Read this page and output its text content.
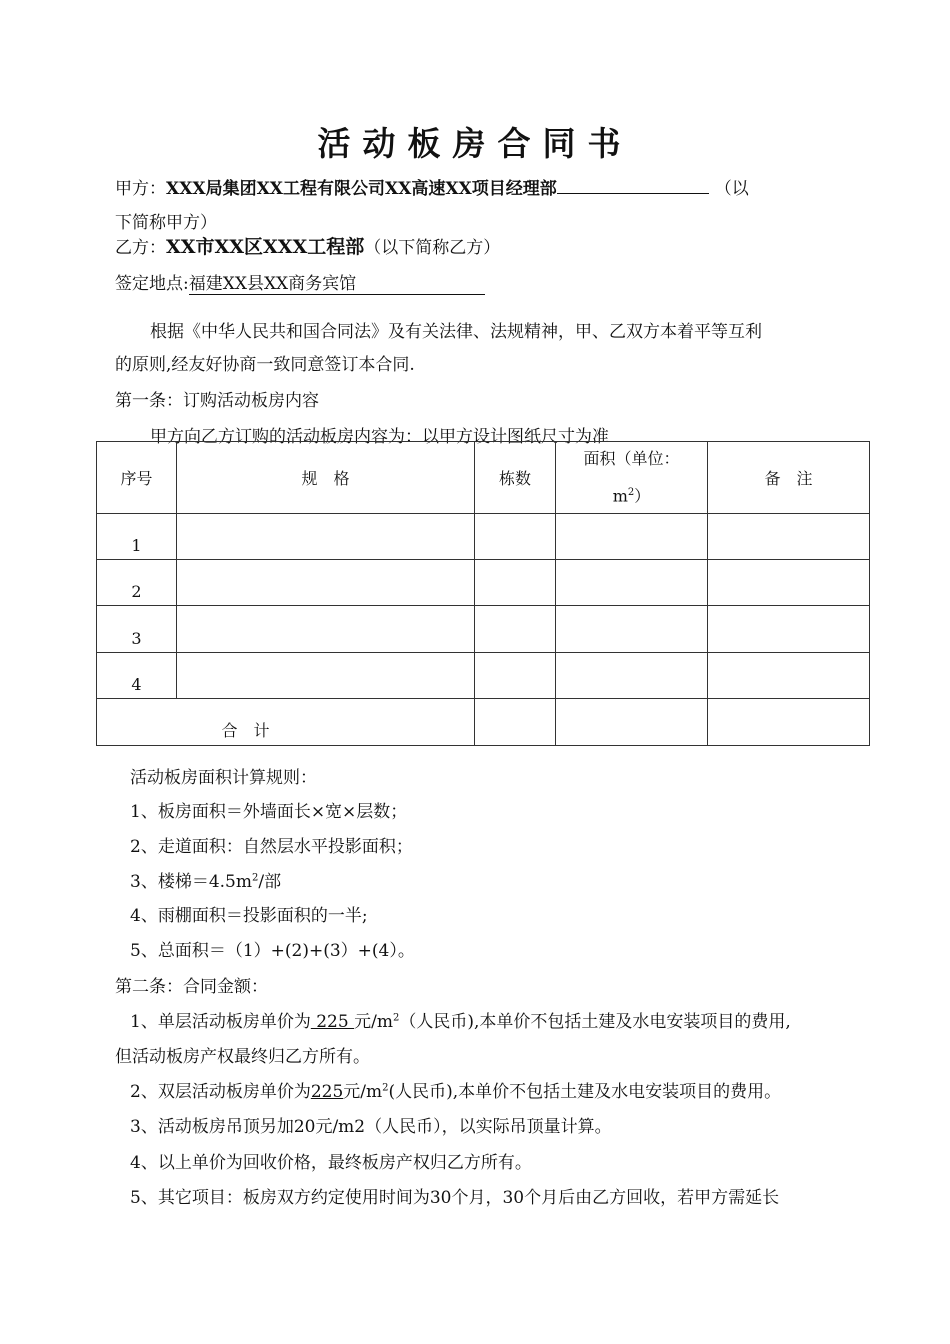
活动板房合同书
甲方：XXX局集团XX工程有限公司XX高速XX项目经理部	（以
下简称甲方）
乙方：XX市XX区XXX工程部（以下简称乙方）
签定地点:福建XX县XX商务宾馆
根据《中华人民共和国合同法》及有关法律、法规精神，甲、乙双方本着平等互利
的原则,经友好协商一致同意签订本合同.
第一条：订购活动板房内容
甲方向乙方订购的活动板房内容为：以甲方设计图纸尺寸为准
序号	规　格	栋数	面积（单位：
$m^2$）	备　注
1				
2				
3				
4				
合　计				
活动板房面积计算规则：
1、板房面积＝外墙面长×宽×层数；
2、走道面积：自然层水平投影面积；
3、楼梯$=4.5m^2/$部
4、雨棚面积＝投影面积的一半;
5、总面积＝（1）+(2)+(3）+(4）。
第二条：合同金额：
1、单层活动板房单价为 225 元$/m^2$（人民币),本单价不包括土建及水电安装项目的费用,
但活动板房产权最终归乙方所有。
2、双层活动板房单价为225元$/m^2$(人民币),本单价不包括土建及水电安装项目的费用。
3、活动板房吊顶另加20元/m2（人民币），以实际吊顶量计算。
4、以上单价为回收价格，最终板房产权归乙方所有。
5、其它项目：板房双方约定使用时间为30个月，30个月后由乙方回收，若甲方需延长
